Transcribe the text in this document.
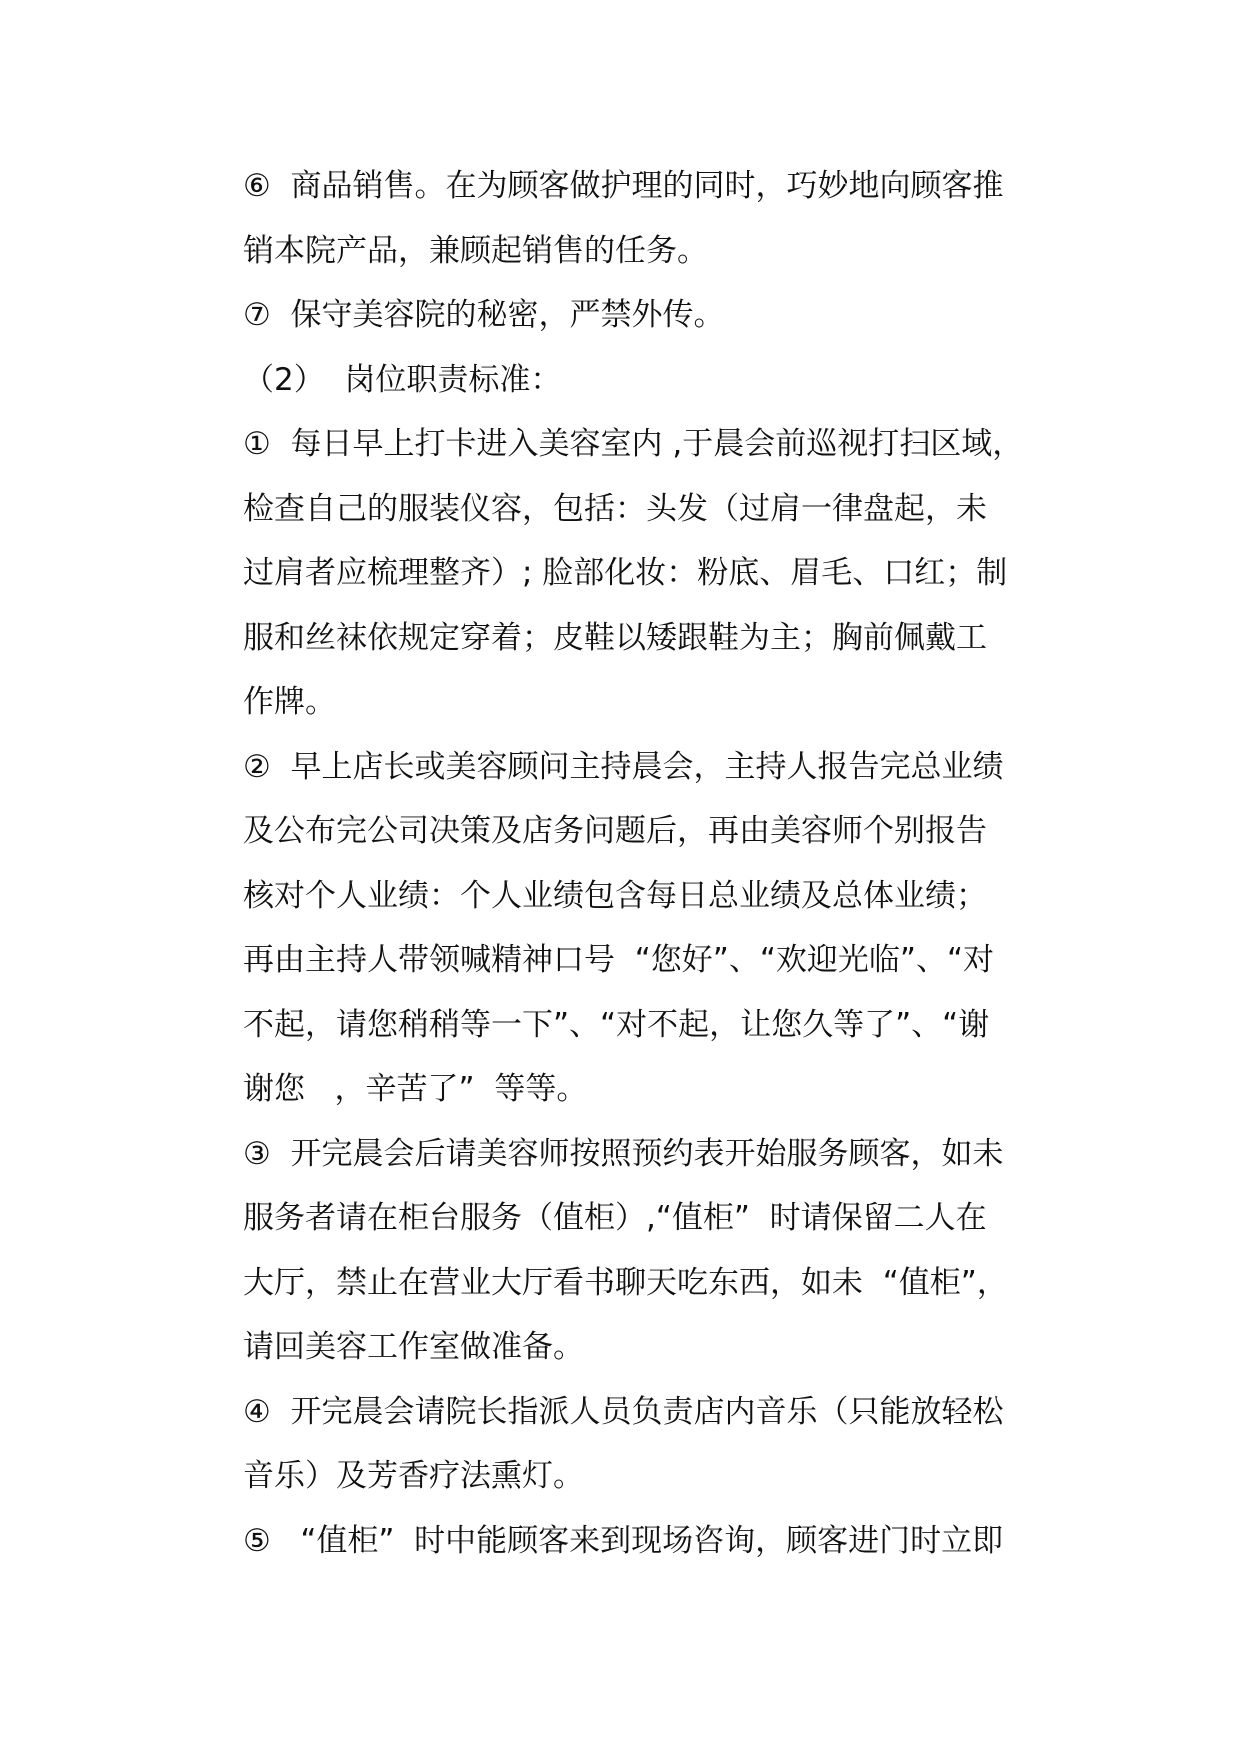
⑥  商品销售。在为顾客做护理的同时，巧妙地向顾客推
销本院产品，兼顾起销售的任务。
⑦  保守美容院的秘密，严禁外传。
（2）  岗位职责标准：
①  每日早上打卡进入美容室内 ,于晨会前巡视打扫区域，
检查自己的服装仪容，包括：头发（过肩一律盘起，未
过肩者应梳理整齐）; 脸部化妆：粉底、眉毛、口红；制
服和丝袜依规定穿着；皮鞋以矮跟鞋为主；胸前佩戴工
作牌。
②  早上店长或美容顾问主持晨会，主持人报告完总业绩
及公布完公司决策及店务问题后，再由美容师个别报告
核对个人业绩：个人业绩包含每日总业绩及总体业绩；
再由主持人带领喊精神口号  “您好”、“欢迎光临”、“对
不起，请您稍稍等一下”、“对不起，让您久等了”、“谢
谢您   ，辛苦了”  等等。
③  开完晨会后请美容师按照预约表开始服务顾客，如未
服务者请在柜台服务（值柜）,“值柜”  时请保留二人在
大厅，禁止在营业大厅看书聊天吃东西，如未  “值柜”，
请回美容工作室做准备。
④  开完晨会请院长指派人员负责店内音乐（只能放轻松
音乐）及芳香疗法熏灯。
⑤   “值柜”  时中能顾客来到现场咨询，顾客进门时立即
